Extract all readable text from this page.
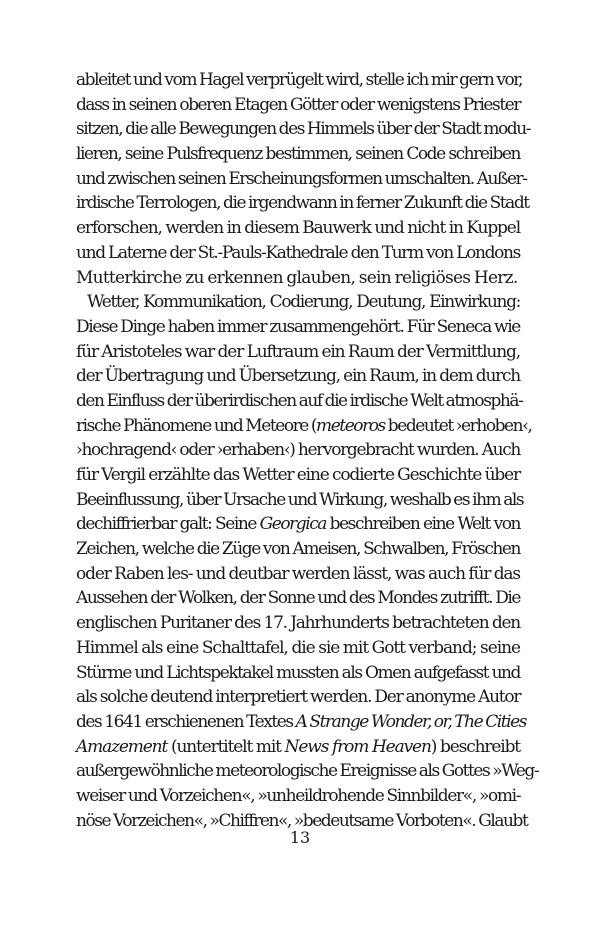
ableitet und vom Hagel verprügelt wird, stelle ich mir gern vor,
dass in seinen oberen Etagen Götter oder wenigstens Priester
sitzen, die alle Bewegungen des Himmels über der Stadt modu-
lieren, seine Pulsfrequenz bestimmen, seinen Code schreiben
und zwischen seinen Erscheinungsformen umschalten. Außer-
irdische Terrologen, die irgendwann in ferner Zukunft die Stadt
erforschen, werden in diesem Bauwerk und nicht in Kuppel
und Laterne der St.-Pauls-Kathedrale den Turm von Londons
Mutterkirche zu erkennen glauben, sein religiöses Herz.
Wetter, Kommunikation, Codierung, Deutung, Einwirkung:
Diese Dinge haben immer zusammengehört. Für Seneca wie
für Aristoteles war der Luftraum ein Raum der Vermittlung,
der Übertragung und Übersetzung, ein Raum, in dem durch
den Einfluss der überirdischen auf die irdische Welt atmosphä-
rische Phänomene und Meteore (meteoros bedeutet ›erhoben‹,
›hochragend‹ oder ›erhaben‹) hervorgebracht wurden. Auch
für Vergil erzählte das Wetter eine codierte Geschichte über
Beeinflussung, über Ursache und Wirkung, weshalb es ihm als
dechiffrierbar galt: Seine Georgica beschreiben eine Welt von
Zeichen, welche die Züge von Ameisen, Schwalben, Fröschen
oder Raben les- und deutbar werden lässt, was auch für das
Aussehen der Wolken, der Sonne und des Mondes zutrifft. Die
englischen Puritaner des 17. Jahrhunderts betrachteten den
Himmel als eine Schalttafel, die sie mit Gott verband; seine
Stürme und Lichtspektakel mussten als Omen aufgefasst und
als solche deutend interpretiert werden. Der anonyme Autor
des 1641 erschienenen Textes A Strange Wonder, or, The Cities
Amazement (untertitelt mit News from Heaven) beschreibt
außergewöhnliche meteorologische Ereignisse als Gottes »Weg-
weiser und Vorzeichen«, »unheildrohende Sinnbilder«, »omi-
nöse Vorzeichen«, »Chiffren«, »bedeutsame Vorboten«. Glaubt
13
